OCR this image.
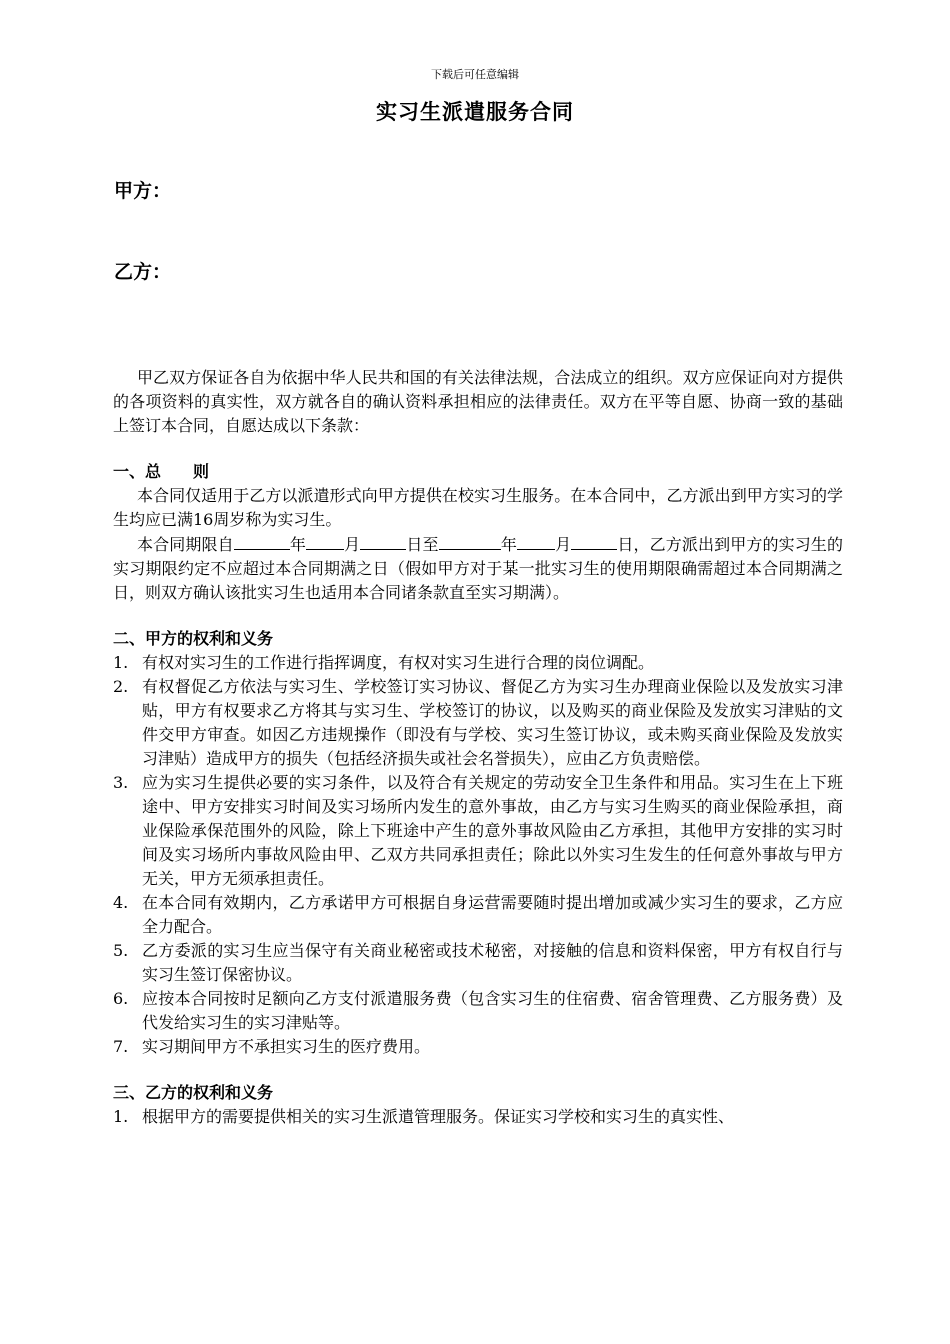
下载后可任意编辑
实习生派遣服务合同
甲方：
乙方：

甲乙双方保证各自为依据中华人民共和国的有关法律法规，合法成立的组织。双方应保证向对方提供的各项资料的真实性，双方就各自的确认资料承担相应的法律责任。双方在平等自愿、协商一致的基础上签订本合同，自愿达成以下条款：

一、总　　则

本合同仅适用于乙方以派遣形式向甲方提供在校实习生服务。在本合同中，乙方派出到甲方实习的学生均应已满16周岁称为实习生。

本合同期限自	年 月	日至	年 月	日，乙方派出到甲方的实习生的实习期限约定不应超过本合同期满之日（假如甲方对于某一批实习生的使用期限确需超过本合同期满之日，则双方确认该批实习生也适用本合同诸条款直至实习期满）。

二、甲方的权利和义务

1. 有权对实习生的工作进行指挥调度，有权对实习生进行合理的岗位调配。
2. 有权督促乙方依法与实习生、学校签订实习协议、督促乙方为实习生办理商业保险以及发放实习津贴，甲方有权要求乙方将其与实习生、学校签订的协议，以及购买的商业保险及发放实习津贴的文件交甲方审查。如因乙方违规操作（即没有与学校、实习生签订协议，或未购买商业保险及发放实习津贴）造成甲方的损失（包括经济损失或社会名誉损失），应由乙方负责赔偿。
3. 应为实习生提供必要的实习条件，以及符合有关规定的劳动安全卫生条件和用品。实习生在上下班途中、甲方安排实习时间及实习场所内发生的意外事故，由乙方与实习生购买的商业保险承担，商业保险承保范围外的风险，除上下班途中产生的意外事故风险由乙方承担，其他甲方安排的实习时间及实习场所内事故风险由甲、乙双方共同承担责任；除此以外实习生发生的任何意外事故与甲方无关，甲方无须承担责任。
4. 在本合同有效期内，乙方承诺甲方可根据自身运营需要随时提出增加或减少实习生的要求，乙方应全力配合。
5. 乙方委派的实习生应当保守有关商业秘密或技术秘密，对接触的信息和资料保密，甲方有权自行与实习生签订保密协议。
6. 应按本合同按时足额向乙方支付派遣服务费（包含实习生的住宿费、宿舍管理费、乙方服务费）及代发给实习生的实习津贴等。
7. 实习期间甲方不承担实习生的医疗费用。

三、乙方的权利和义务

1. 根据甲方的需要提供相关的实习生派遣管理服务。保证实习学校和实习生的真实性、
